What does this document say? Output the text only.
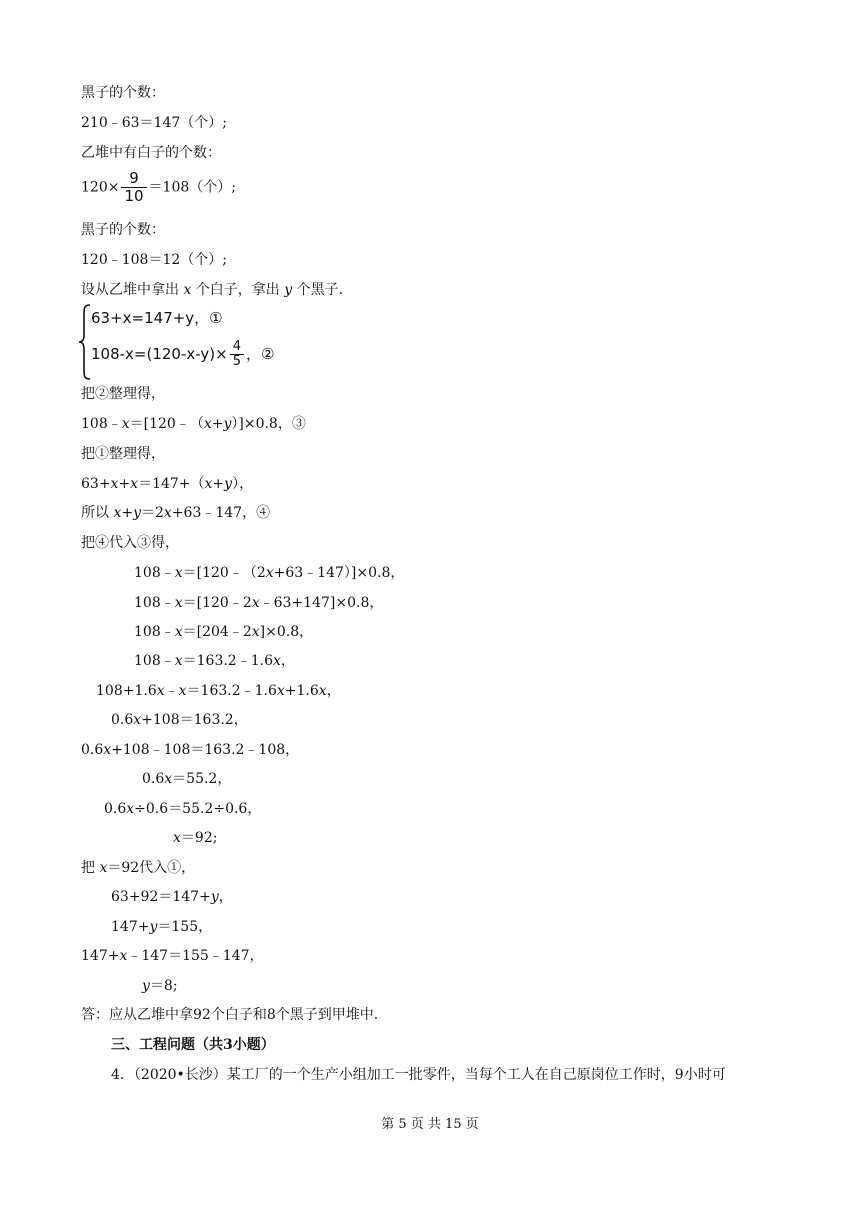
黑子的个数：
210﹣63＝147（个）;
乙堆中有白子的个数：
$120\times \frac{9}{10} =108$（个）;
黑子的个数：
120﹣108＝12（个）;
设从乙堆中拿出 x 个白子，拿出 y 个黑子.
63+x=147+y，①
$108-x=(120-x-y)\times \frac{4}{5}$ ，②
把②整理得，
108﹣x＝[120﹣（x+y）]×0.8，③
把①整理得，
63+x+x＝147+（x+y），
所以 x+y＝2x+63﹣147，④
把④代入③得，
108﹣x＝[120﹣（2x+63﹣147）]×0.8，
108﹣x＝[120﹣2x﹣63+147]×0.8，
108﹣x＝[204﹣2x]×0.8，
108﹣x＝163.2﹣1.6x，
108+1.6x﹣x＝163.2﹣1.6x+1.6x，
0.6x+108＝163.2，
0.6x+108﹣108＝163.2﹣108，
0.6x＝55.2，
0.6x÷0.6＝55.2÷0.6，
x＝92;
把 x＝92代入①，
63+92＝147+y，
147+y＝155，
147+x﹣147＝155﹣147，
y＝8;
答：应从乙堆中拿92个白子和8个黑子到甲堆中.
三、工程问题（共3小题）
4．（2020•长沙）某工厂的一个生产小组加工一批零件，当每个工人在自己原岗位工作时，9小时可
第 5 页 共 15 页
